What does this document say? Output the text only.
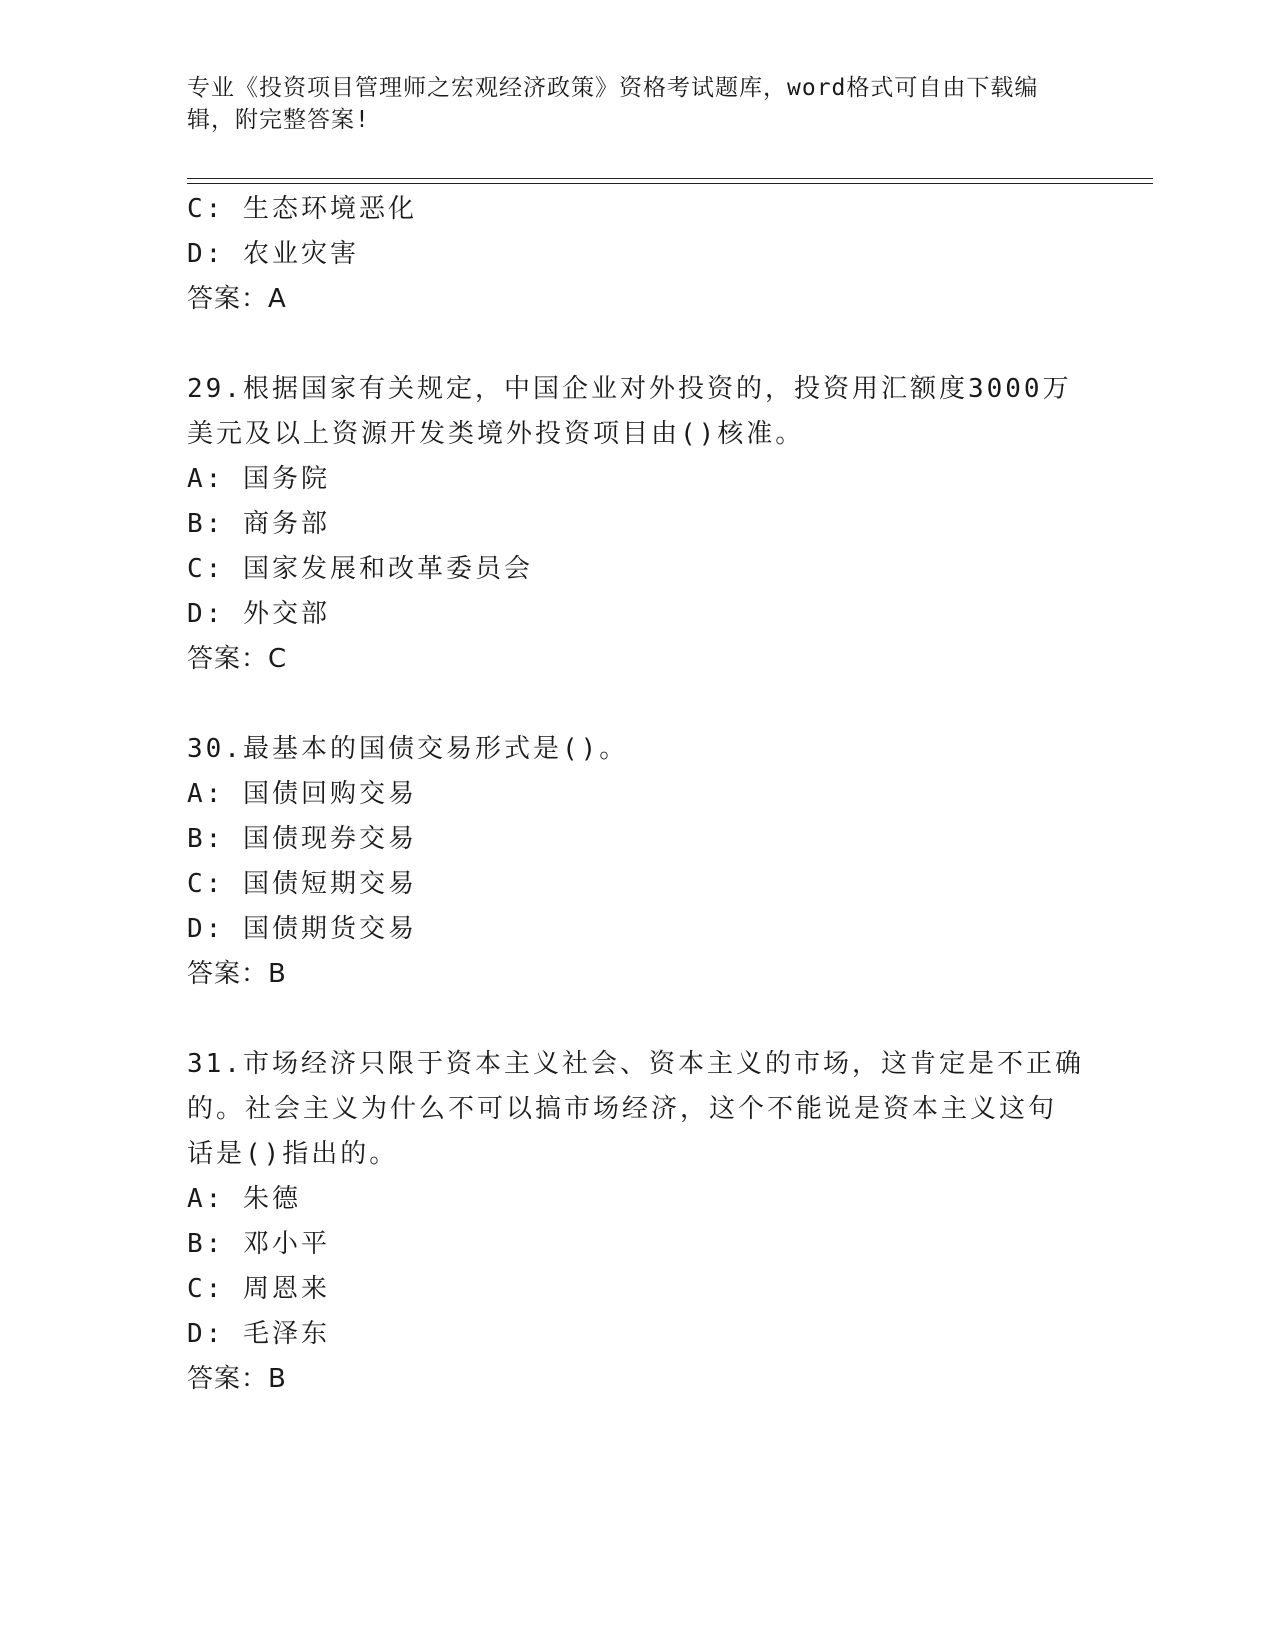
专业《投资项目管理师之宏观经济政策》资格考试题库，word格式可自由下载编
辑，附完整答案!
C: 生态环境恶化
D: 农业灾害
答案：A
29.根据国家有关规定，中国企业对外投资的，投资用汇额度3000万
美元及以上资源开发类境外投资项目由()核准。
A: 国务院
B: 商务部
C: 国家发展和改革委员会
D: 外交部
答案：C
30.最基本的国债交易形式是()。
A: 国债回购交易
B: 国债现券交易
C: 国债短期交易
D: 国债期货交易
答案：B
31.市场经济只限于资本主义社会、资本主义的市场，这肯定是不正确
的。社会主义为什么不可以搞市场经济，这个不能说是资本主义这句
话是()指出的。
A: 朱德
B: 邓小平
C: 周恩来
D: 毛泽东
答案：B
